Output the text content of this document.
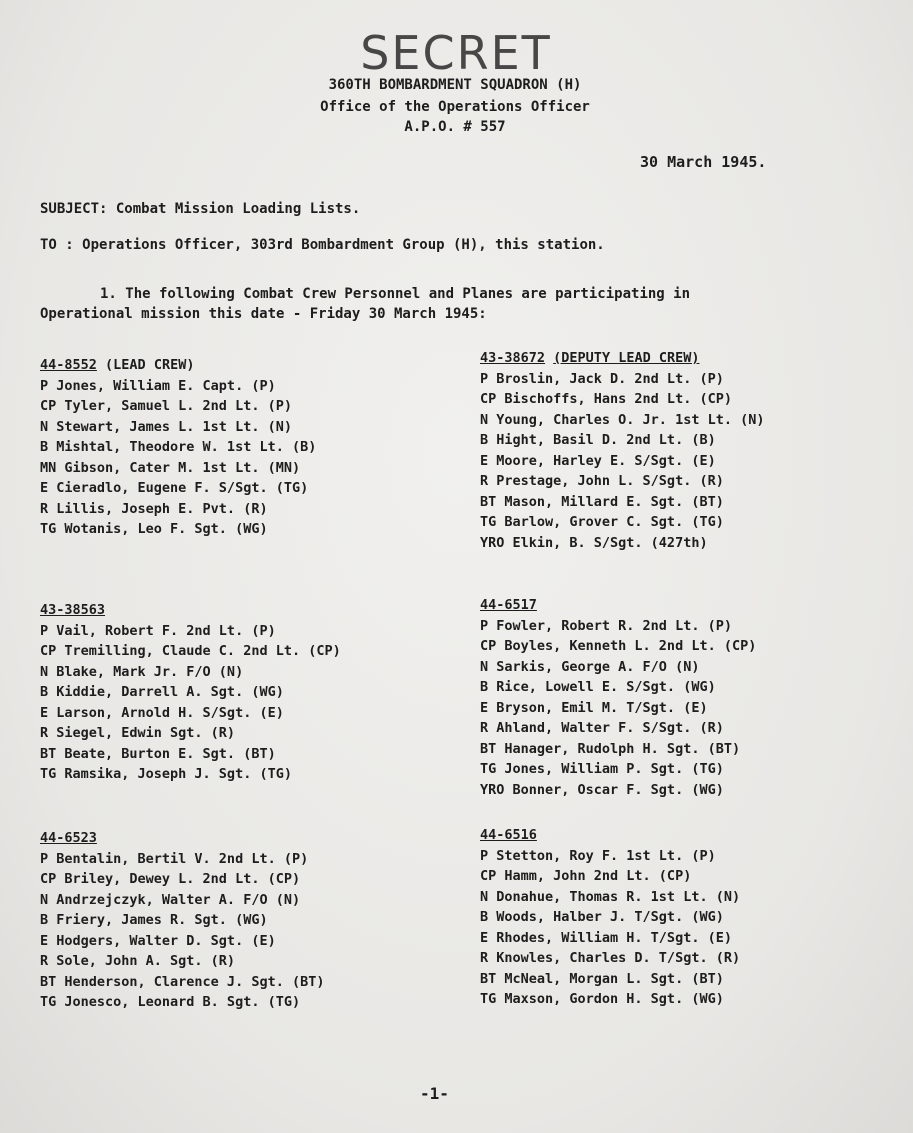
SECRET
360TH BOMBARDMENT SQUADRON (H)
Office of the Operations Officer
A.P.O. # 557
30 March 1945.
SUBJECT: Combat Mission Loading Lists.
TO : Operations Officer, 303rd Bombardment Group (H), this station.
1. The following Combat Crew Personnel and Planes are participating in
Operational mission this date - Friday 30 March 1945:
44-8552 (LEAD CREW)
P Jones, William E. Capt. (P)
CP Tyler, Samuel L. 2nd Lt. (P)
N Stewart, James L. 1st Lt. (N)
B Mishtal, Theodore W. 1st Lt. (B)
MN Gibson, Cater M. 1st Lt. (MN)
E Cieradlo, Eugene F. S/Sgt. (TG)
R Lillis, Joseph E. Pvt. (R)
TG Wotanis, Leo F. Sgt. (WG)
43-38672 (DEPUTY LEAD CREW)
P Broslin, Jack D. 2nd Lt. (P)
CP Bischoffs, Hans 2nd Lt. (CP)
N Young, Charles O. Jr. 1st Lt. (N)
B Hight, Basil D. 2nd Lt. (B)
E Moore, Harley E. S/Sgt. (E)
R Prestage, John L. S/Sgt. (R)
BT Mason, Millard E. Sgt. (BT)
TG Barlow, Grover C. Sgt. (TG)
YRO Elkin, B. S/Sgt. (427th)
43-38563
P Vail, Robert F. 2nd Lt. (P)
CP Tremilling, Claude C. 2nd Lt. (CP)
N Blake, Mark Jr. F/O (N)
B Kiddie, Darrell A. Sgt. (WG)
E Larson, Arnold H. S/Sgt. (E)
R Siegel, Edwin Sgt. (R)
BT Beate, Burton E. Sgt. (BT)
TG Ramsika, Joseph J. Sgt. (TG)
44-6517
P Fowler, Robert R. 2nd Lt. (P)
CP Boyles, Kenneth L. 2nd Lt. (CP)
N Sarkis, George A. F/O (N)
B Rice, Lowell E. S/Sgt. (WG)
E Bryson, Emil M. T/Sgt. (E)
R Ahland, Walter F. S/Sgt. (R)
BT Hanager, Rudolph H. Sgt. (BT)
TG Jones, William P. Sgt. (TG)
YRO Bonner, Oscar F. Sgt. (WG)
44-6523
P Bentalin, Bertil V. 2nd Lt. (P)
CP Briley, Dewey L. 2nd Lt. (CP)
N Andrzejczyk, Walter A. F/O (N)
B Friery, James R. Sgt. (WG)
E Hodgers, Walter D. Sgt. (E)
R Sole, John A. Sgt. (R)
BT Henderson, Clarence J. Sgt. (BT)
TG Jonesco, Leonard B. Sgt. (TG)
44-6516
P Stetton, Roy F. 1st Lt. (P)
CP Hamm, John 2nd Lt. (CP)
N Donahue, Thomas R. 1st Lt. (N)
B Woods, Halber J. T/Sgt. (WG)
E Rhodes, William H. T/Sgt. (E)
R Knowles, Charles D. T/Sgt. (R)
BT McNeal, Morgan L. Sgt. (BT)
TG Maxson, Gordon H. Sgt. (WG)
-1-
